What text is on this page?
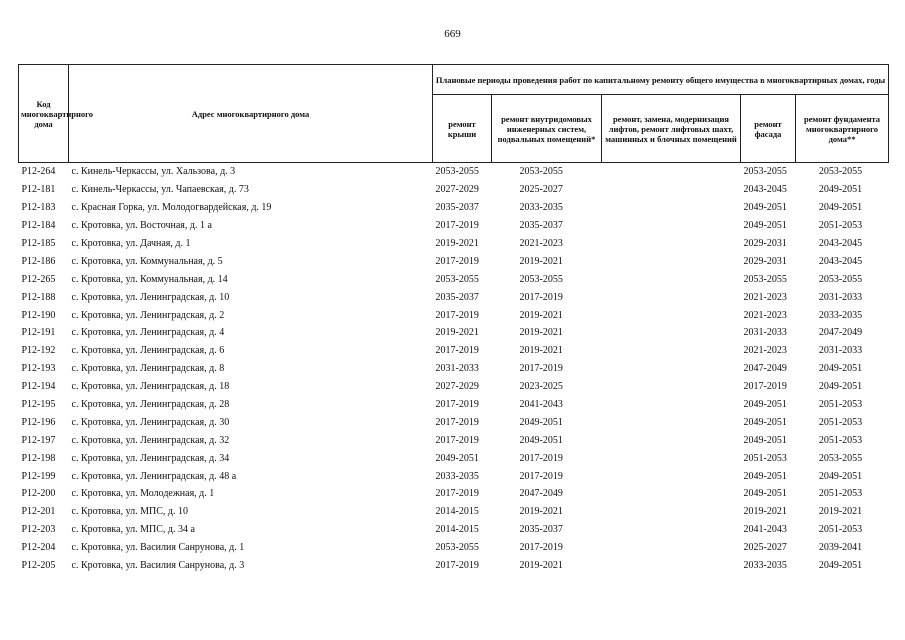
669
Код многоквартирного дома	Адрес многоквартирного дома	Плановые периоды проведения работ по капитальному ремонту общего имущества в многоквартирных домах, годы				
		ремонт крыши	ремонт внутридомовых инженерных систем, подвальных помещений*	ремонт, замена, модернизация лифтов, ремонт лифтовых шахт, машинных и блочных помещений	ремонт фасада	ремонт фундамента многоквартирного дома**
P12-264	с. Кинель-Черкассы, ул. Хальзова, д. 3	2053-2055	2053-2055		2053-2055	2053-2055
P12-181	с. Кинель-Черкассы, ул. Чапаевская, д. 73	2027-2029	2025-2027		2043-2045	2049-2051
P12-183	с. Красная Горка, ул. Молодогвардейская, д. 19	2035-2037	2033-2035		2049-2051	2049-2051
P12-184	с. Кротовка, ул. Восточная, д. 1 а	2017-2019	2035-2037		2049-2051	2051-2053
P12-185	с. Кротовка, ул. Дачная, д. 1	2019-2021	2021-2023		2029-2031	2043-2045
P12-186	с. Кротовка, ул. Коммунальная, д. 5	2017-2019	2019-2021		2029-2031	2043-2045
P12-265	с. Кротовка, ул. Коммунальная, д. 14	2053-2055	2053-2055		2053-2055	2053-2055
P12-188	с. Кротовка, ул. Ленинградская, д. 10	2035-2037	2017-2019		2021-2023	2031-2033
P12-190	с. Кротовка, ул. Ленинградская, д. 2	2017-2019	2019-2021		2021-2023	2033-2035
P12-191	с. Кротовка, ул. Ленинградская, д. 4	2019-2021	2019-2021		2031-2033	2047-2049
P12-192	с. Кротовка, ул. Ленинградская, д. 6	2017-2019	2019-2021		2021-2023	2031-2033
P12-193	с. Кротовка, ул. Ленинградская, д. 8	2031-2033	2017-2019		2047-2049	2049-2051
P12-194	с. Кротовка, ул. Ленинградская, д. 18	2027-2029	2023-2025		2017-2019	2049-2051
P12-195	с. Кротовка, ул. Ленинградская, д. 28	2017-2019	2041-2043		2049-2051	2051-2053
P12-196	с. Кротовка, ул. Ленинградская, д. 30	2017-2019	2049-2051		2049-2051	2051-2053
P12-197	с. Кротовка, ул. Ленинградская, д. 32	2017-2019	2049-2051		2049-2051	2051-2053
P12-198	с. Кротовка, ул. Ленинградская, д. 34	2049-2051	2017-2019		2051-2053	2053-2055
P12-199	с. Кротовка, ул. Ленинградская, д. 48 а	2033-2035	2017-2019		2049-2051	2049-2051
P12-200	с. Кротовка, ул. Молодежная, д. 1	2017-2019	2047-2049		2049-2051	2051-2053
P12-201	с. Кротовка, ул. МПС, д. 10	2014-2015	2019-2021		2019-2021	2019-2021
P12-203	с. Кротовка, ул. МПС, д. 34 а	2014-2015	2035-2037		2041-2043	2051-2053
P12-204	с. Кротовка, ул. Василия Санрунова, д. 1	2053-2055	2017-2019		2025-2027	2039-2041
P12-205	с. Кротовка, ул. Василия Санрунова, д. 3	2017-2019	2019-2021		2033-2035	2049-2051
